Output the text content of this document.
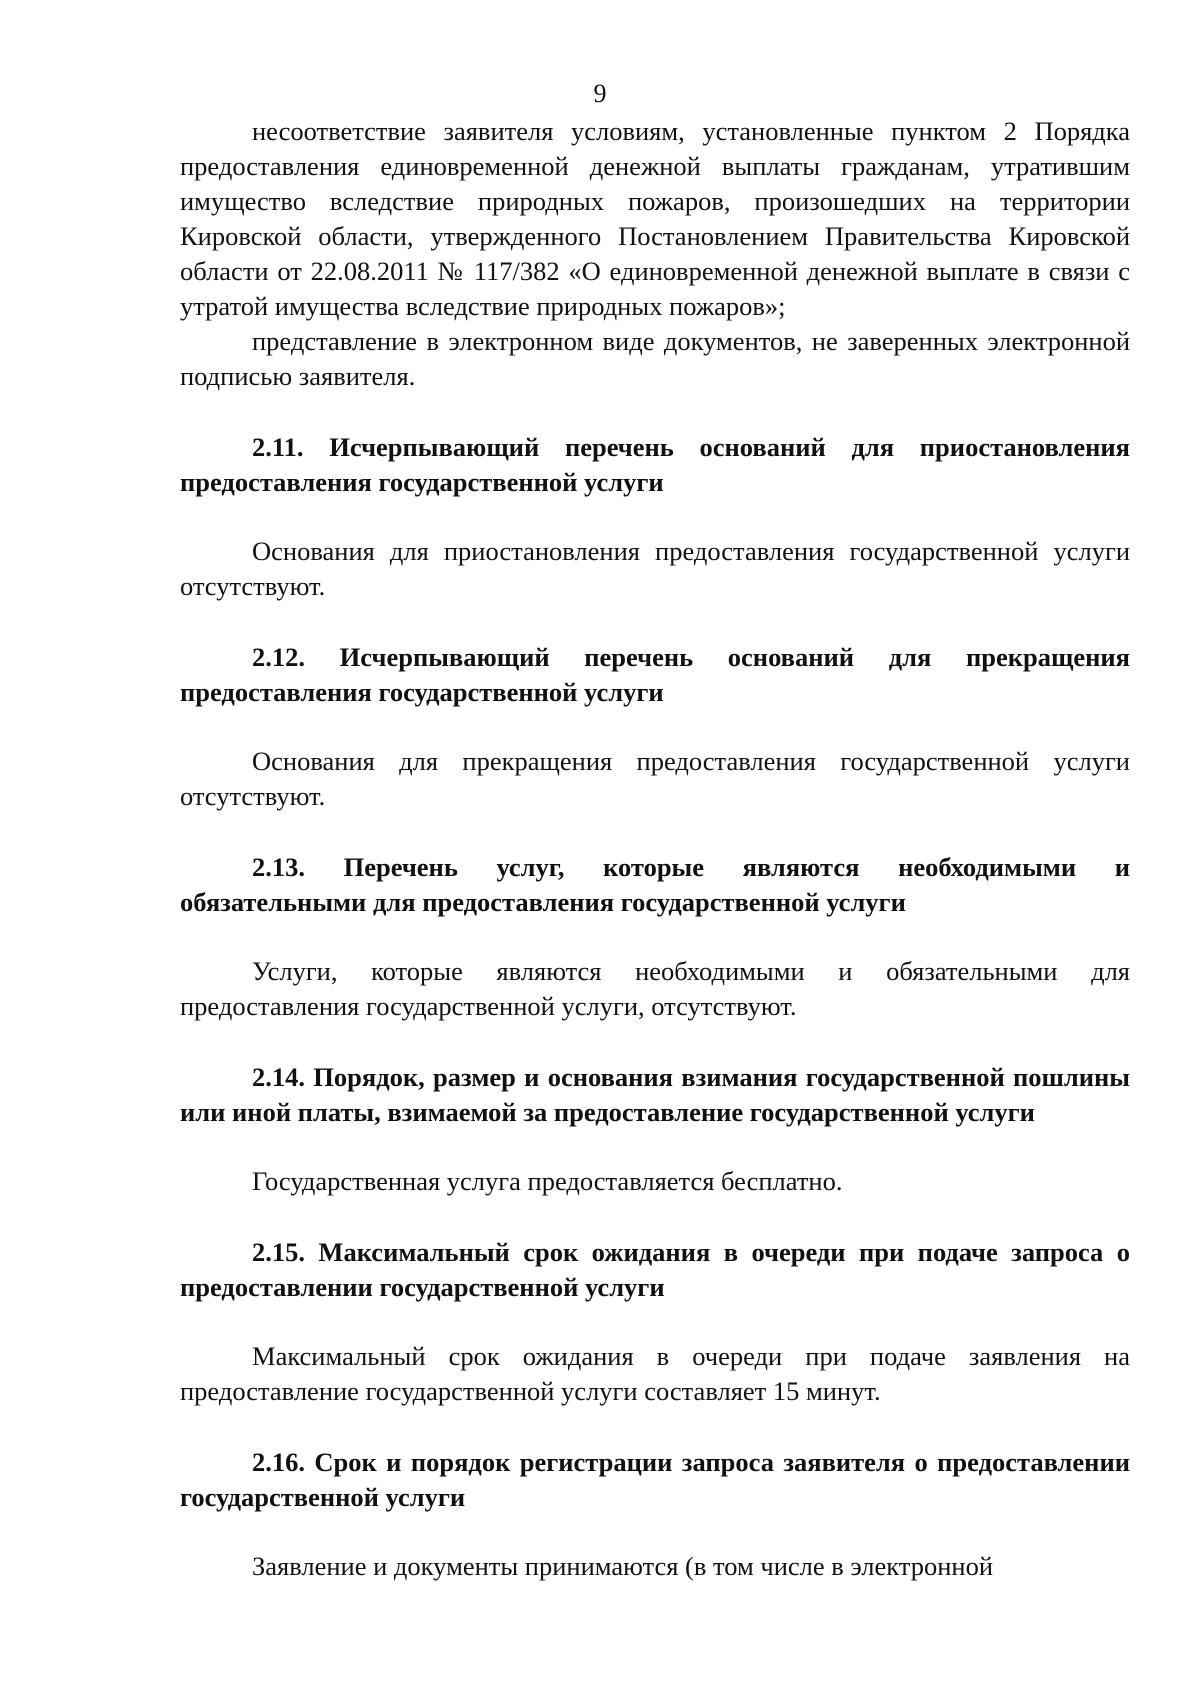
9

несоответствие заявителя условиям, установленные пунктом 2 Порядка предоставления единовременной денежной выплаты гражданам, утратившим имущество вследствие природных пожаров, произошедших на территории Кировской области, утвержденного Постановлением Правительства Кировской области от 22.08.2011 № 117/382 «О единовременной денежной выплате в связи с утратой имущества вследствие природных пожаров»;

представление в электронном виде документов, не заверенных электронной подписью заявителя.

2.11. Исчерпывающий перечень оснований для приостановления предоставления государственной услуги

Основания для приостановления предоставления государственной услуги отсутствуют.

2.12. Исчерпывающий перечень оснований для прекращения предоставления государственной услуги

Основания для прекращения предоставления государственной услуги отсутствуют.

2.13. Перечень услуг, которые являются необходимыми и обязательными для предоставления государственной услуги

Услуги, которые являются необходимыми и обязательными для предоставления государственной услуги, отсутствуют.

2.14. Порядок, размер и основания взимания государственной пошлины или иной платы, взимаемой за предоставление государственной услуги

Государственная услуга предоставляется бесплатно.

2.15. Максимальный срок ожидания в очереди при подаче запроса о предоставлении государственной услуги

Максимальный срок ожидания в очереди при подаче заявления на предоставление государственной услуги составляет 15 минут.

2.16. Срок и порядок регистрации запроса заявителя о предоставлении государственной услуги

Заявление и документы принимаются (в том числе в электронной
